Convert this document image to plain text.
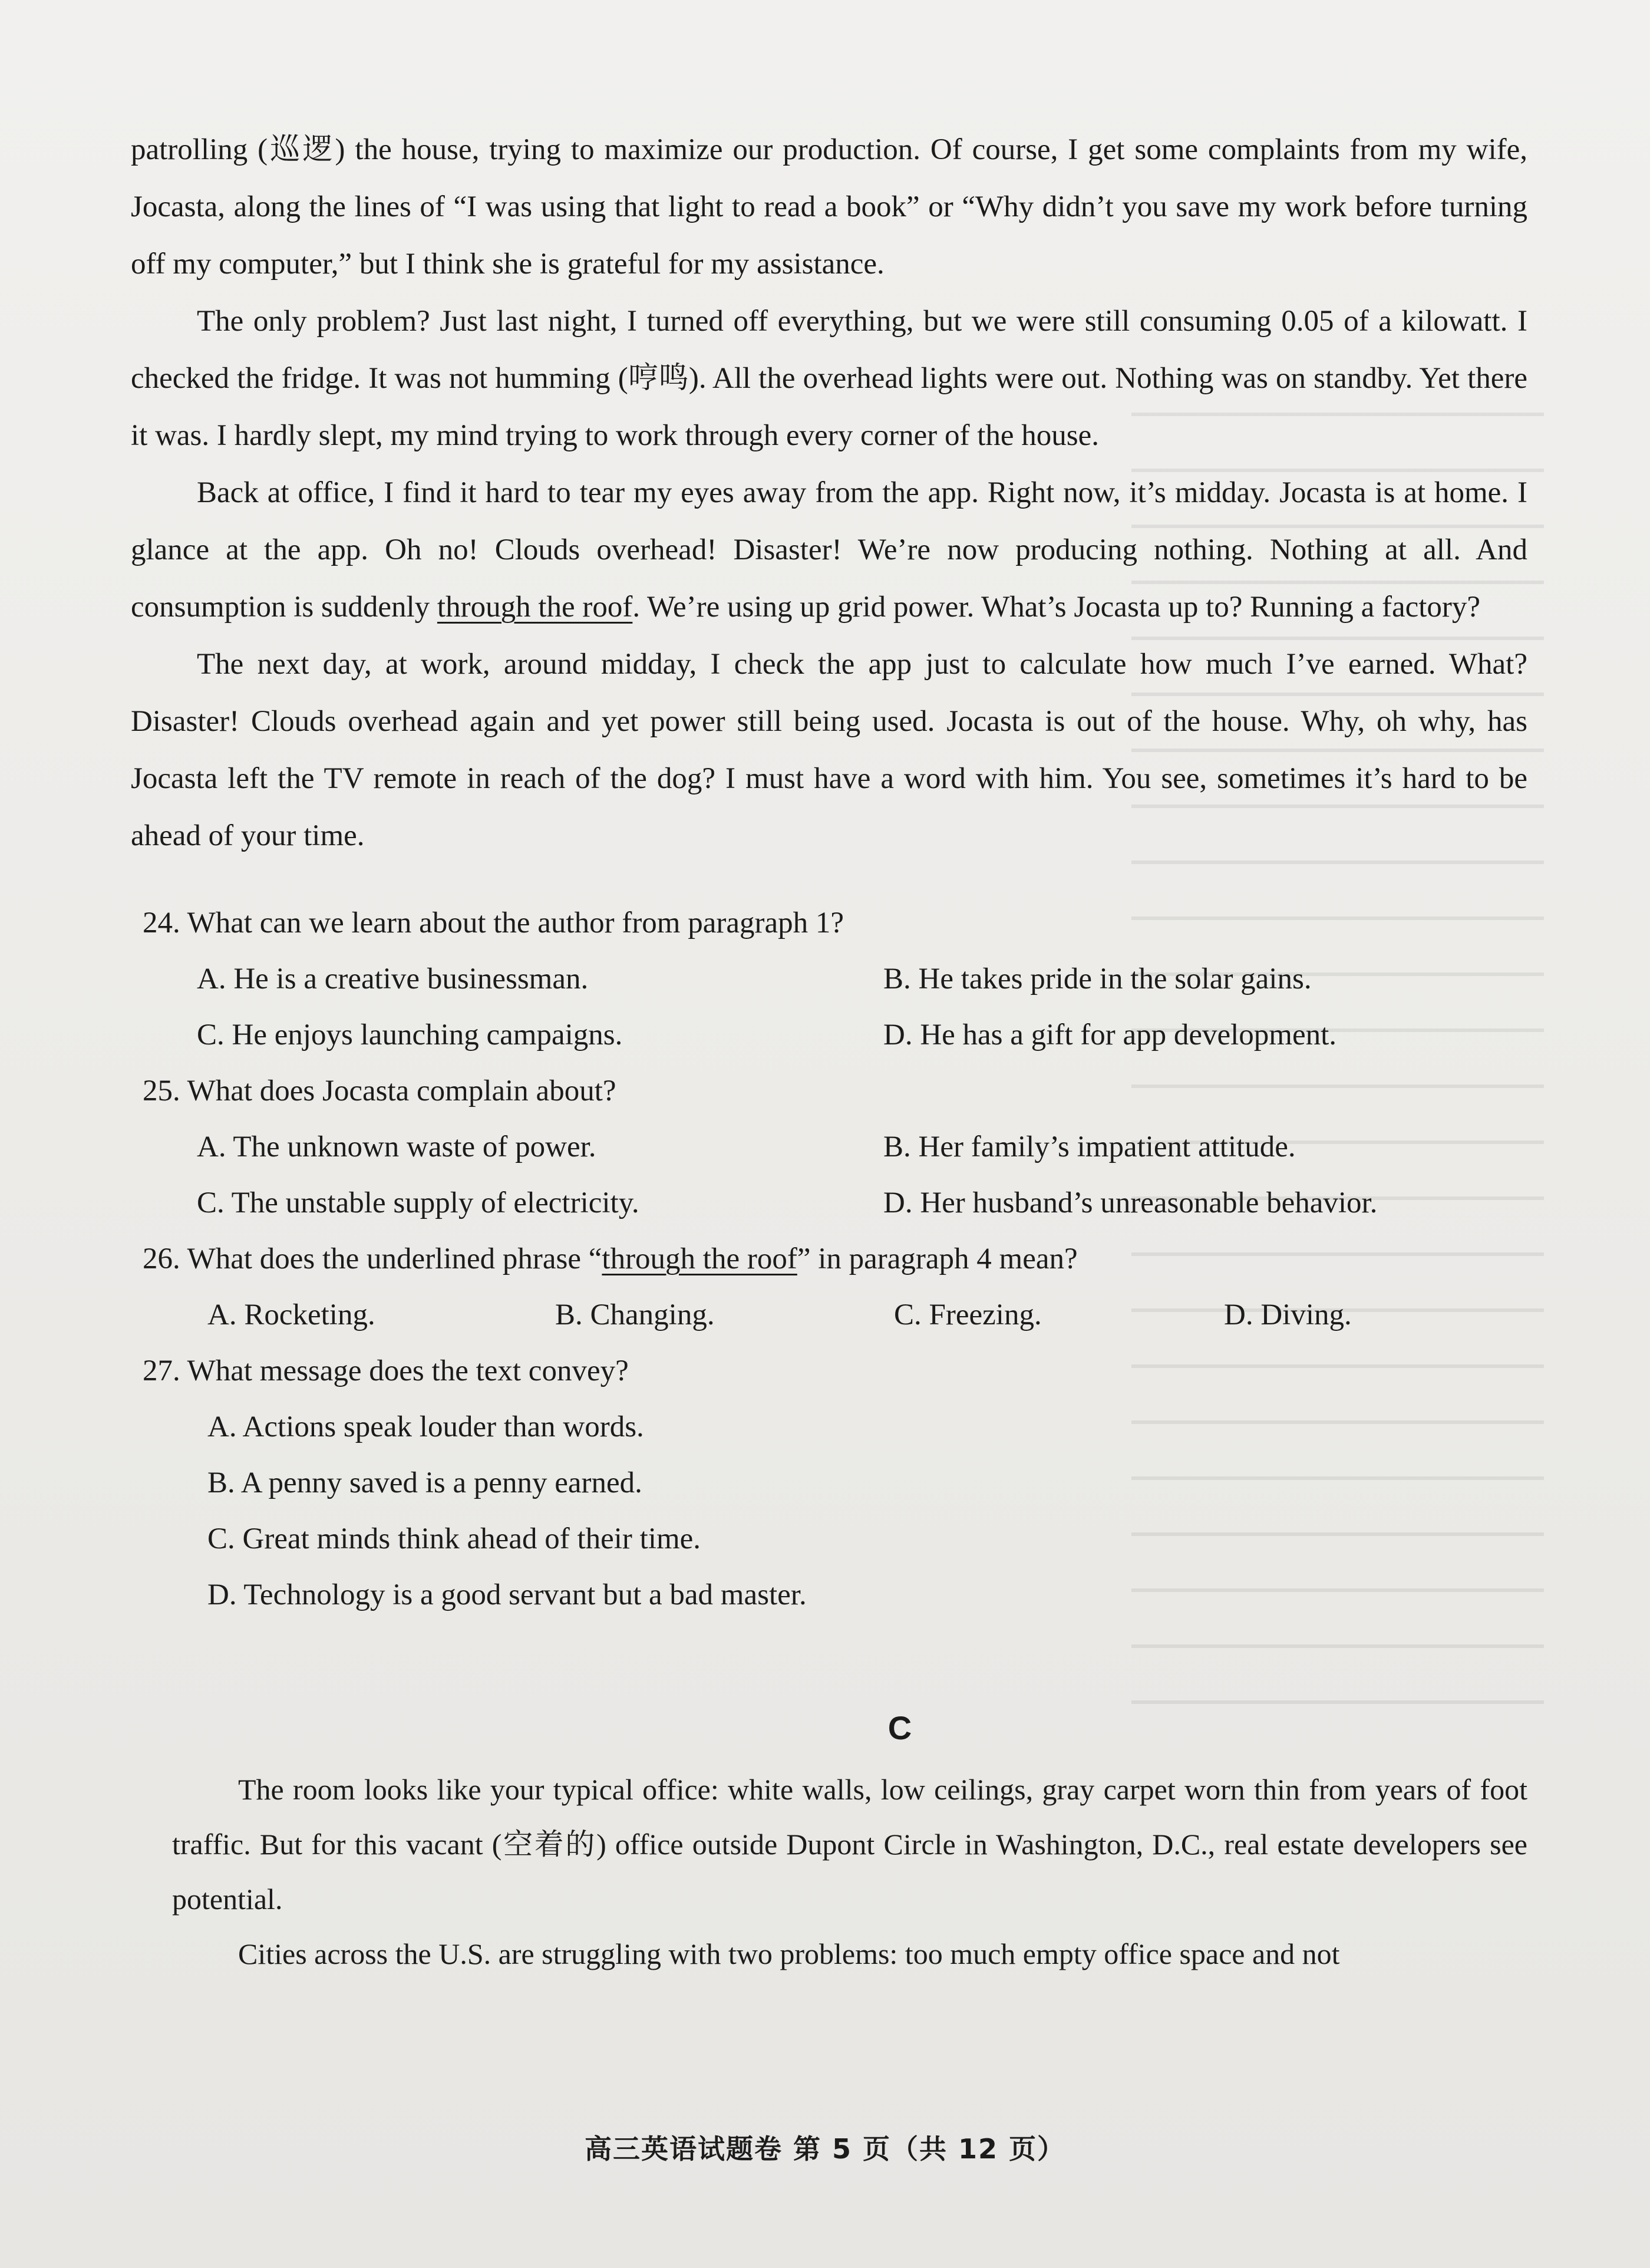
patrolling (巡逻) the house, trying to maximize our production. Of course, I get some complaints from my wife, Jocasta, along the lines of “I was using that light to read a book” or “Why didn’t you save my work before turning off my computer,” but I think she is grateful for my assistance.

The only problem? Just last night, I turned off everything, but we were still consuming 0.05 of a kilowatt. I checked the fridge. It was not humming (哼鸣). All the overhead lights were out. Nothing was on standby. Yet there it was. I hardly slept, my mind trying to work through every corner of the house.

Back at office, I find it hard to tear my eyes away from the app. Right now, it’s midday. Jocasta is at home. I glance at the app. Oh no! Clouds overhead! Disaster! We’re now producing nothing. Nothing at all. And consumption is suddenly through the roof. We’re using up grid power. What’s Jocasta up to? Running a factory?

The next day, at work, around midday, I check the app just to calculate how much I’ve earned. What? Disaster! Clouds overhead again and yet power still being used. Jocasta is out of the house. Why, oh why, has Jocasta left the TV remote in reach of the dog? I must have a word with him. You see, sometimes it’s hard to be ahead of your time.

24. What can we learn about the author from paragraph 1?

A. He is a creative businessman.	B. He takes pride in the solar gains.
C. He enjoys launching campaigns.	D. He has a gift for app development.

25. What does Jocasta complain about?

A. The unknown waste of power.	B. Her family’s impatient attitude.
C. The unstable supply of electricity.	D. Her husband’s unreasonable behavior.

26. What does the underlined phrase “through the roof” in paragraph 4 mean?

A. Rocketing.	B. Changing.	C. Freezing.	D. Diving.

27. What message does the text convey?

A. Actions speak louder than words.
B. A penny saved is a penny earned.
C. Great minds think ahead of their time.
D. Technology is a good servant but a bad master.
C

The room looks like your typical office: white walls, low ceilings, gray carpet worn thin from years of foot traffic. But for this vacant (空着的) office outside Dupont Circle in Washington, D.C., real estate developers see potential.

Cities across the U.S. are struggling with two problems: too much empty office space and not

高三英语试题卷 第 5 页（共 12 页）
